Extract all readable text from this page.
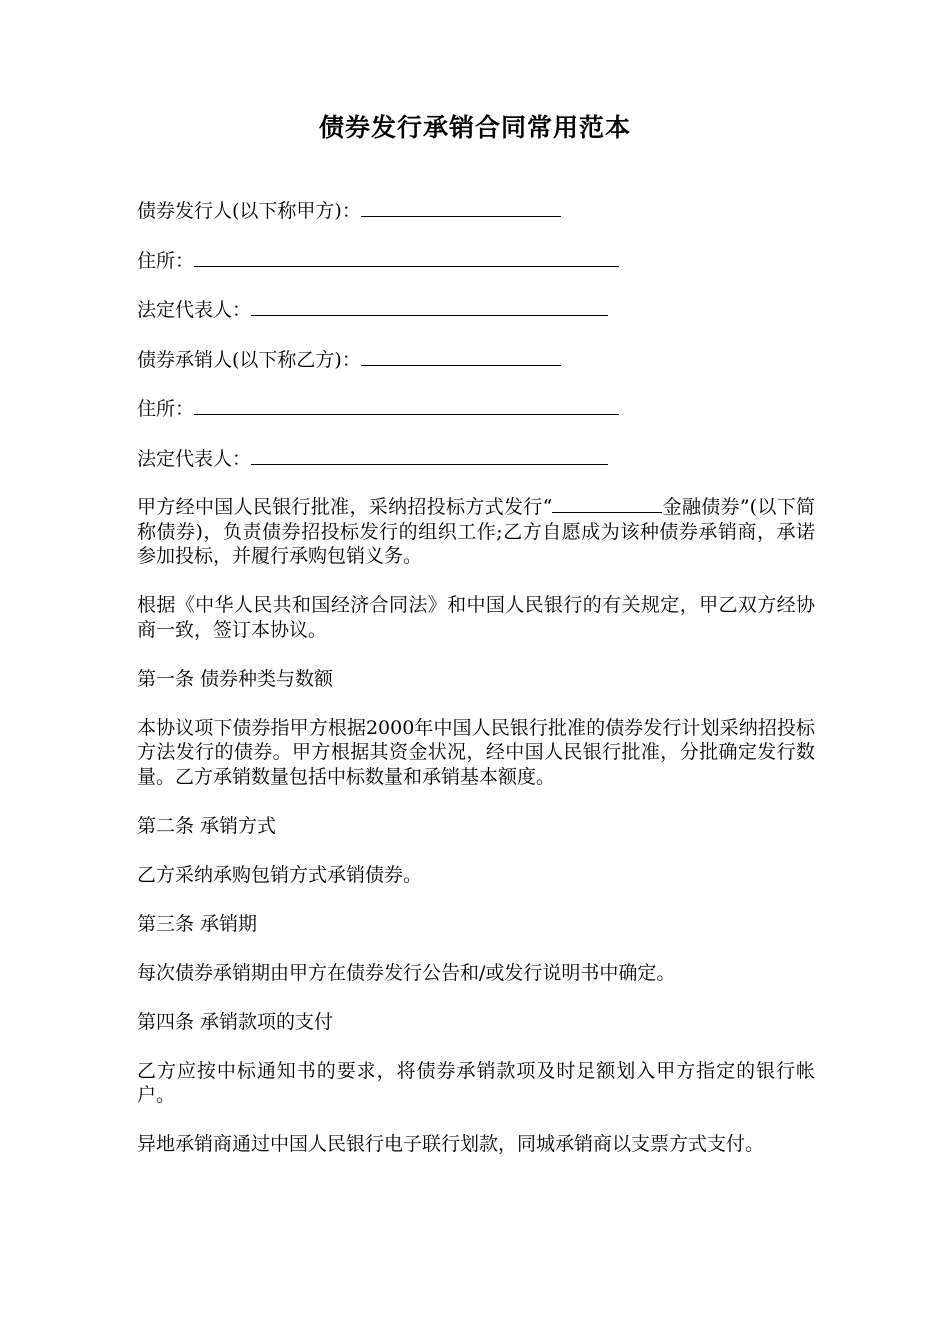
债券发行承销合同常用范本

债券发行人(以下称甲方)：

住所：

法定代表人：

债券承销人(以下称乙方)：

住所：

法定代表人：

甲方经中国人民银行批准，采纳招投标方式发行“	金融债券”(以下简称债券)，负责债券招投标发行的组织工作;乙方自愿成为该种债券承销商，承诺参加投标，并履行承购包销义务。

根据《中华人民共和国经济合同法》和中国人民银行的有关规定，甲乙双方经协商一致，签订本协议。

第一条 债券种类与数额

本协议项下债券指甲方根据2000年中国人民银行批准的债券发行计划采纳招投标方法发行的债券。甲方根据其资金状况，经中国人民银行批准，分批确定发行数量。乙方承销数量包括中标数量和承销基本额度。

第二条 承销方式

乙方采纳承购包销方式承销债券。

第三条 承销期

每次债券承销期由甲方在债券发行公告和/或发行说明书中确定。

第四条 承销款项的支付

乙方应按中标通知书的要求，将债券承销款项及时足额划入甲方指定的银行帐户。

异地承销商通过中国人民银行电子联行划款，同城承销商以支票方式支付。
